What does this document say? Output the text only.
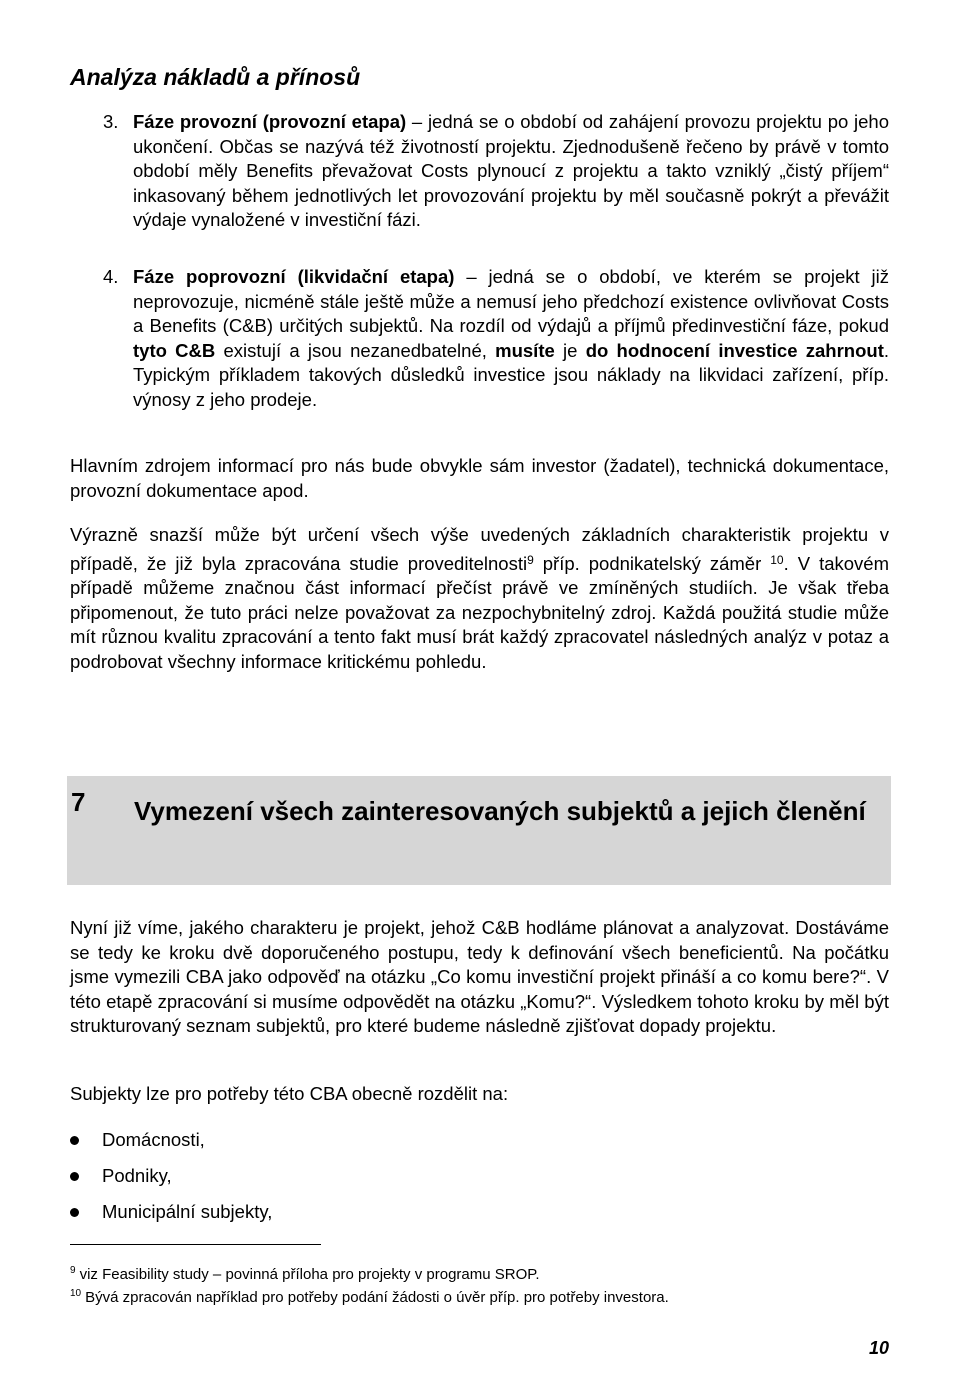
Analýza nákladů a přínosů
3. Fáze provozní (provozní etapa) – jedná se o období od zahájení provozu projektu po jeho ukončení. Občas se nazývá též životností projektu. Zjednodušeně řečeno by právě v tomto období měly Benefits převažovat Costs plynoucí z projektu a takto vzniklý „čistý příjem“ inkasovaný během jednotlivých let provozování projektu by měl současně pokrýt a převážit výdaje vynaložené v investiční fázi.
4. Fáze poprovozní (likvidační etapa) – jedná se o období, ve kterém se projekt již neprovozuje, nicméně stále ještě může a nemusí jeho předchozí existence ovlivňovat Costs a Benefits (C&B) určitých subjektů. Na rozdíl od výdajů a příjmů předinvestiční fáze, pokud tyto C&B existují a jsou nezanedbatelné, musíte je do hodnocení investice zahrnout. Typickým příkladem takových důsledků investice jsou náklady na likvidaci zařízení, příp. výnosy z jeho prodeje.
Hlavním zdrojem informací pro nás bude obvykle sám investor (žadatel), technická dokumentace, provozní dokumentace apod.
Výrazně snazší může být určení všech výše uvedených základních charakteristik projektu v případě, že již byla zpracována studie proveditelnosti$^9$ příp. podnikatelský záměr $^{10}$. V takovém případě můžeme značnou část informací přečíst právě ve zmíněných studiích. Je však třeba připomenout, že tuto práci nelze považovat za nezpochybnitelný zdroj. Každá použitá studie může mít různou kvalitu zpracování a tento fakt musí brát každý zpracovatel následných analýz v potaz a podrobovat všechny informace kritickému pohledu.
7 Vymezení všech zainteresovaných subjektů a jejich členění
Nyní již víme, jakého charakteru je projekt, jehož C&B hodláme plánovat a analyzovat. Dostáváme se tedy ke kroku dvě doporučeného postupu, tedy k definování všech beneficientů. Na počátku jsme vymezili CBA jako odpověď na otázku „Co komu investiční projekt přináší a co komu bere?“. V této etapě zpracování si musíme odpovědět na otázku „Komu?“. Výsledkem tohoto kroku by měl být strukturovaný seznam subjektů, pro které budeme následně zjišťovat dopady projektu.
Subjekty lze pro potřeby této CBA obecně rozdělit na:
Domácnosti,
Podniky,
Municipální subjekty,
$^9$ viz Feasibility study – povinná příloha pro projekty v programu SROP.
$^{10}$ Bývá zpracován například pro potřeby podání žádosti o úvěr příp. pro potřeby investora.
10
